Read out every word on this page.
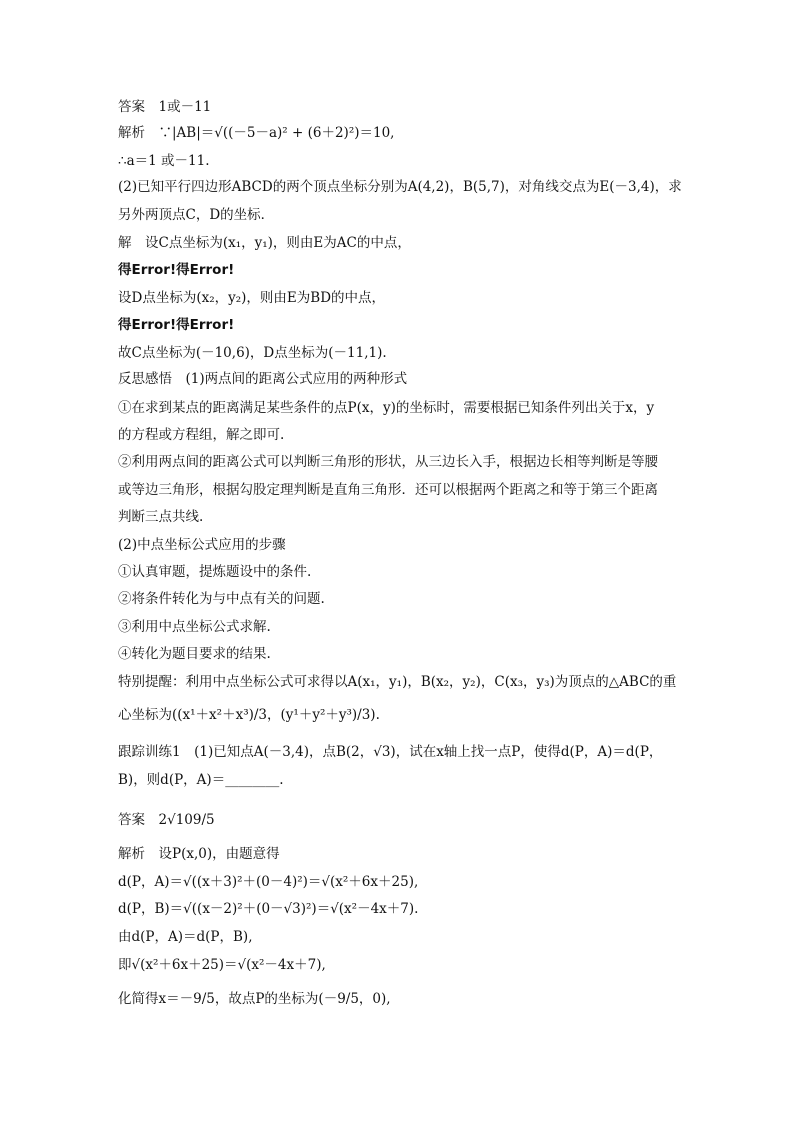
答案　1或－11
解析　∵|AB|＝√((－5－a)² + (6＋2)²)＝10,
∴a＝1 或－11.
(2)已知平行四边形ABCD的两个顶点坐标分别为A(4,2)，B(5,7)，对角线交点为E(－3,4)，求
另外两顶点C，D的坐标．
解　设C点坐标为(x₁，y₁)，则由E为AC的中点，
得Error!得Error!
设D点坐标为(x₂，y₂)，则由E为BD的中点，
得Error!得Error!
故C点坐标为(－10,6)，D点坐标为(－11,1).
反思感悟　(1)两点间的距离公式应用的两种形式
①在求到某点的距离满足某些条件的点P(x，y)的坐标时，需要根据已知条件列出关于x，y
的方程或方程组，解之即可.
②利用两点间的距离公式可以判断三角形的形状，从三边长入手，根据边长相等判断是等腰
或等边三角形，根据勾股定理判断是直角三角形．还可以根据两个距离之和等于第三个距离
判断三点共线.
(2)中点坐标公式应用的步骤
①认真审题，提炼题设中的条件.
②将条件转化为与中点有关的问题.
③利用中点坐标公式求解.
④转化为题目要求的结果.
特别提醒：利用中点坐标公式可求得以A(x₁，y₁)，B(x₂，y₂)，C(x₃，y₃)为顶点的△ABC的重
心坐标为((x¹＋x²＋x³)/3，(y¹＋y²＋y³)/3).
跟踪训练1　(1)已知点A(－3,4)，点B(2，√3)，试在x轴上找一点P，使得d(P，A)＝d(P，
B)，则d(P，A)＝________.
答案　2√109/5
解析　设P(x,0)，由题意得
d(P，A)＝√((x＋3)²＋(0－4)²)＝√(x²＋6x＋25),
d(P，B)＝√((x－2)²＋(0－√3)²)＝√(x²－4x＋7).
由d(P，A)＝d(P，B),
即√(x²＋6x＋25)＝√(x²－4x＋7),
化简得x＝－9/5，故点P的坐标为(－9/5，0),
